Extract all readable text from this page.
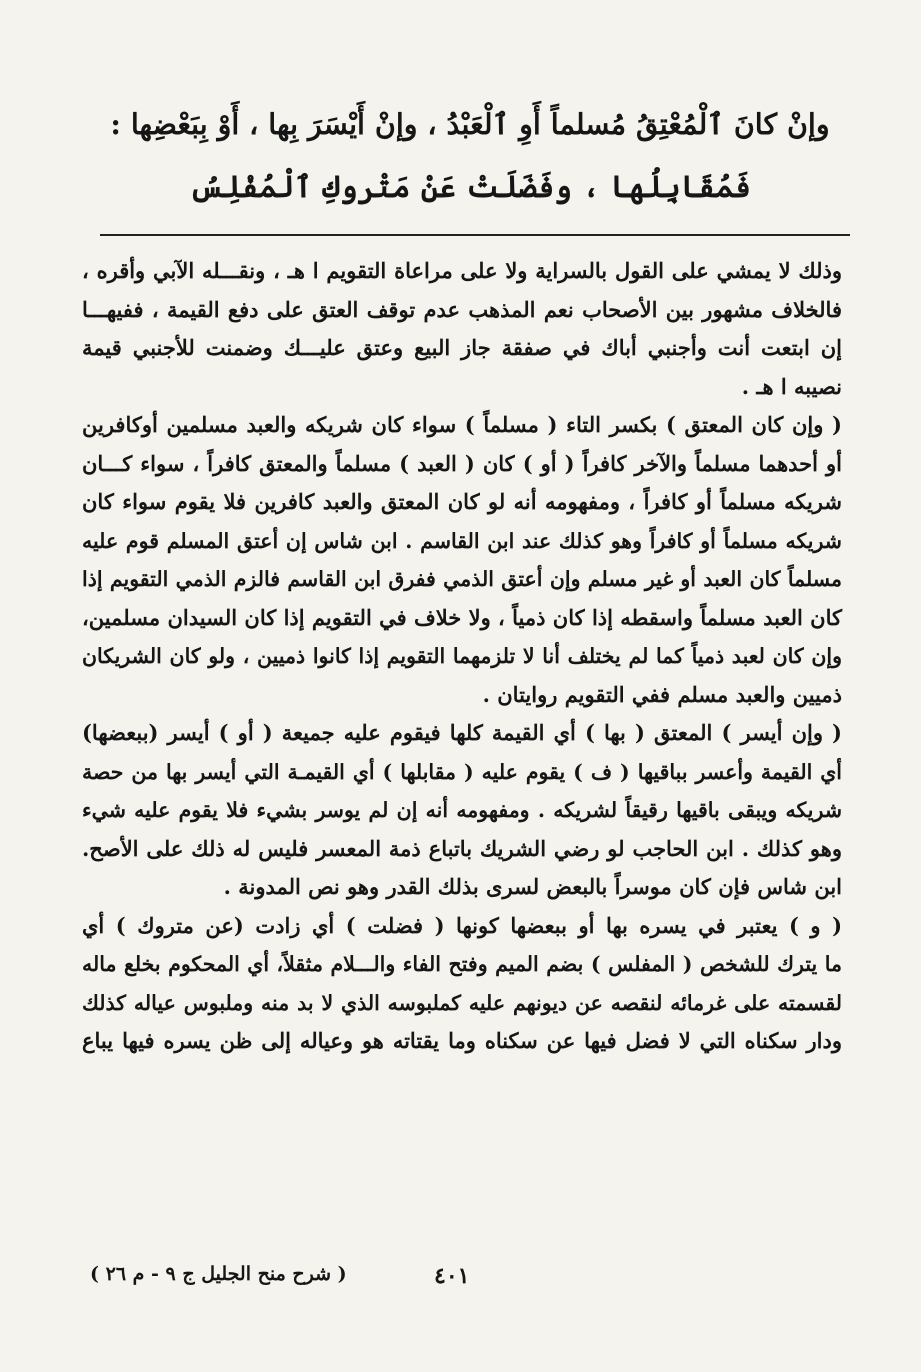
وإنْ كانَ ٱلْمُعْتِقُ مُسلماً أَوِ ٱلْعَبْدُ ، وإنْ أَيْسَرَ بِها ، أَوْ بِبَعْضِها :
فَمُقَابِلُها ، وفَضَلَتْ عَنْ مَتْروكِ ٱلْمُفْلِسُ
وذلك لا يمشي على القول بالسراية ولا على مراعاة التقويم ا هـ ، ونقـــله الآبي وأقره ،
فالخلاف مشهور بين الأصحاب نعم المذهب عدم توقف العتق على دفع القيمة ، ففيهـــا
إن ابتعت أنت وأجنبي أباك في صفقة جاز البيع وعتق عليـــك وضمنت للأجنبي قيمة
نصيبه ا هـ .
( وإن كان المعتق ) بكسر التاء ( مسلماً ) سواء كان شريكه والعبد مسلمين أوكافرين
أو أحدهما مسلماً والآخر كافراً ( أو ) كان ( العبد ) مسلماً والمعتق كافراً ، سواء كـــان
شريكه مسلماً أو كافراً ، ومفهومه أنه لو كان المعتق والعبد كافرين فلا يقوم سواء كان
شريكه مسلماً أو كافراً وهو كذلك عند ابن القاسم . ابن شاس إن أعتق المسلم قوم عليه
مسلماً كان العبد أو غير مسلم وإن أعتق الذمي ففرق ابن القاسم فالزم الذمي التقويم إذا
كان العبد مسلماً واسقطه إذا كان ذمياً ، ولا خلاف في التقويم إذا كان السيدان مسلمين،
وإن كان لعبد ذمياً كما لم يختلف أنا لا تلزمهما التقويم إذا كانوا ذميين ، ولو كان الشريكان
ذميين والعبد مسلم ففي التقويم روايتان .
( وإن أيسر ) المعتق ( بها ) أي القيمة كلها فيقوم عليه جميعة ( أو ) أيسر (ببعضها)
أي القيمة وأعسر بباقيها ( ف ) يقوم عليه ( مقابلها ) أي القيمـة التي أيسر بها من حصة
شريكه ويبقى باقيها رقيقاً لشريكه . ومفهومه أنه إن لم يوسر بشيء فلا يقوم عليه شيء
وهو كذلك . ابن الحاجب لو رضي الشريك باتباع ذمة المعسر فليس له ذلك على الأصح.
ابن شاس فإن كان موسراً بالبعض لسرى بذلك القدر وهو نص المدونة .
( و ) يعتبر في يسره بها أو ببعضها كونها ( فضلت ) أي زادت (عن متروك ) أي
ما يترك للشخص ( المفلس ) بضم الميم وفتح الفاء والـــلام مثقلاً، أي المحكوم بخلع ماله
لقسمته على غرمائه لنقصه عن ديونهم عليه كملبوسه الذي لا بد منه وملبوس عياله كذلك
ودار سكناه التي لا فضل فيها عن سكناه وما يقتاته هو وعياله إلى ظن يسره فيها يباع
٤٠١
( شرح منح الجليل ج ٩ - م ٢٦ )
